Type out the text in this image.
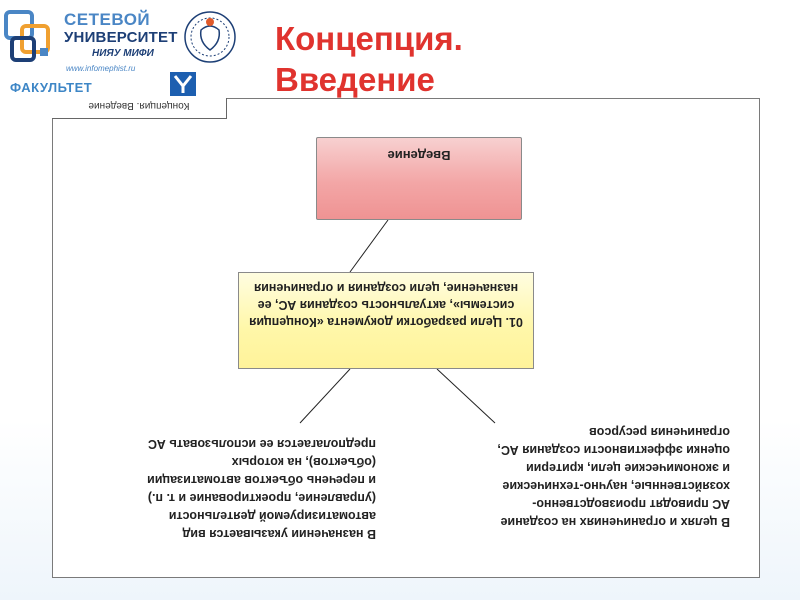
СЕТЕВОЙ
УНИВЕРСИТЕТ
НИЯУ МИФИ
www.infomephist.ru
ФАКУЛЬТЕТ
Концепция.
Введение
Концепция. Введение
Введение
01. Цели разработки документа «Концепция системы», актуальность создания АС, ее назначение, цели создания и ограничения
В назначении указывается вид
автоматизируемой деятельности
(управление, проектирование и т. п.)
и перечень объектов автоматизации
(объектов), на которых
предполагается ее использовать АС
В целях и ограничениях на создание
АС приводят производственно-
хозяйственные, научно-технические
и экономические цели, критерии
оценки эффективности создания АС,
ограничения ресурсов
